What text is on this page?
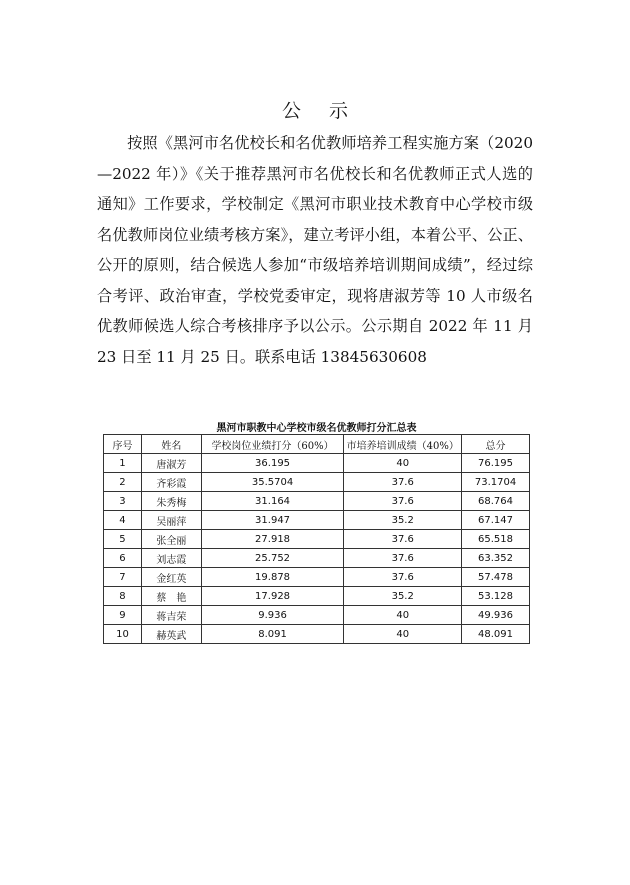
公示

按照《黑河市名优校长和名优教师培养工程实施方案（2020—2022 年）》《关于推荐黑河市名优校长和名优教师正式人选的通知》工作要求，学校制定《黑河市职业技术教育中心学校市级名优教师岗位业绩考核方案》，建立考评小组，本着公平、公正、公开的原则，结合候选人参加“市级培养培训期间成绩”，经过综合考评、政治审查，学校党委审定，现将唐淑芳等 10 人市级名优教师候选人综合考核排序予以公示。公示期自 2022 年 11 月 23 日至 11 月 25 日。联系电话 13845630608

黑河市职教中心学校市级名优教师打分汇总表
序号	姓名	学校岗位业绩打分（60%）	市培养培训成绩（40%）	总分
1	唐淑芳	36.195	40	76.195
2	齐彩霞	35.5704	37.6	73.1704
3	朱秀梅	31.164	37.6	68.764
4	吴丽萍	31.947	35.2	67.147
5	张全丽	27.918	37.6	65.518
6	刘志霞	25.752	37.6	63.352
7	金红英	19.878	37.6	57.478
8	蔡　艳	17.928	35.2	53.128
9	蒋吉荣	9.936	40	49.936
10	赫英武	8.091	40	48.091
